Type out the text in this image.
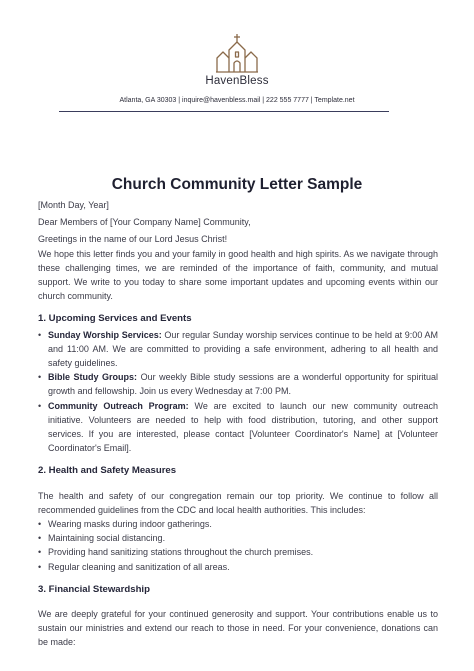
HavenBless
Atlanta, GA 30303 | inquire@havenbless.mail | 222 555 7777 | Template.net
Church Community Letter Sample

[Month Day, Year]

Dear Members of [Your Company Name] Community,

Greetings in the name of our Lord Jesus Christ!

We hope this letter finds you and your family in good health and high spirits. As we navigate through these challenging times, we are reminded of the importance of faith, community, and mutual support. We write to you today to share some important updates and upcoming events within our church community.

1. Upcoming Services and Events
• Sunday Worship Services: Our regular Sunday worship services continue to be held at 9:00 AM and 11:00 AM. We are committed to providing a safe environment, adhering to all health and safety guidelines.
• Bible Study Groups: Our weekly Bible study sessions are a wonderful opportunity for spiritual growth and fellowship. Join us every Wednesday at 7:00 PM.
• Community Outreach Program: We are excited to launch our new community outreach initiative. Volunteers are needed to help with food distribution, tutoring, and other support services. If you are interested, please contact [Volunteer Coordinator's Name] at [Volunteer Coordinator's Email].
2. Health and Safety Measures

The health and safety of our congregation remain our top priority. We continue to follow all recommended guidelines from the CDC and local health authorities. This includes:

• Wearing masks during indoor gatherings.
• Maintaining social distancing.
• Providing hand sanitizing stations throughout the church premises.
• Regular cleaning and sanitization of all areas.
3. Financial Stewardship

We are deeply grateful for your continued generosity and support. Your contributions enable us to sustain our ministries and extend our reach to those in need. For your convenience, donations can be made:
